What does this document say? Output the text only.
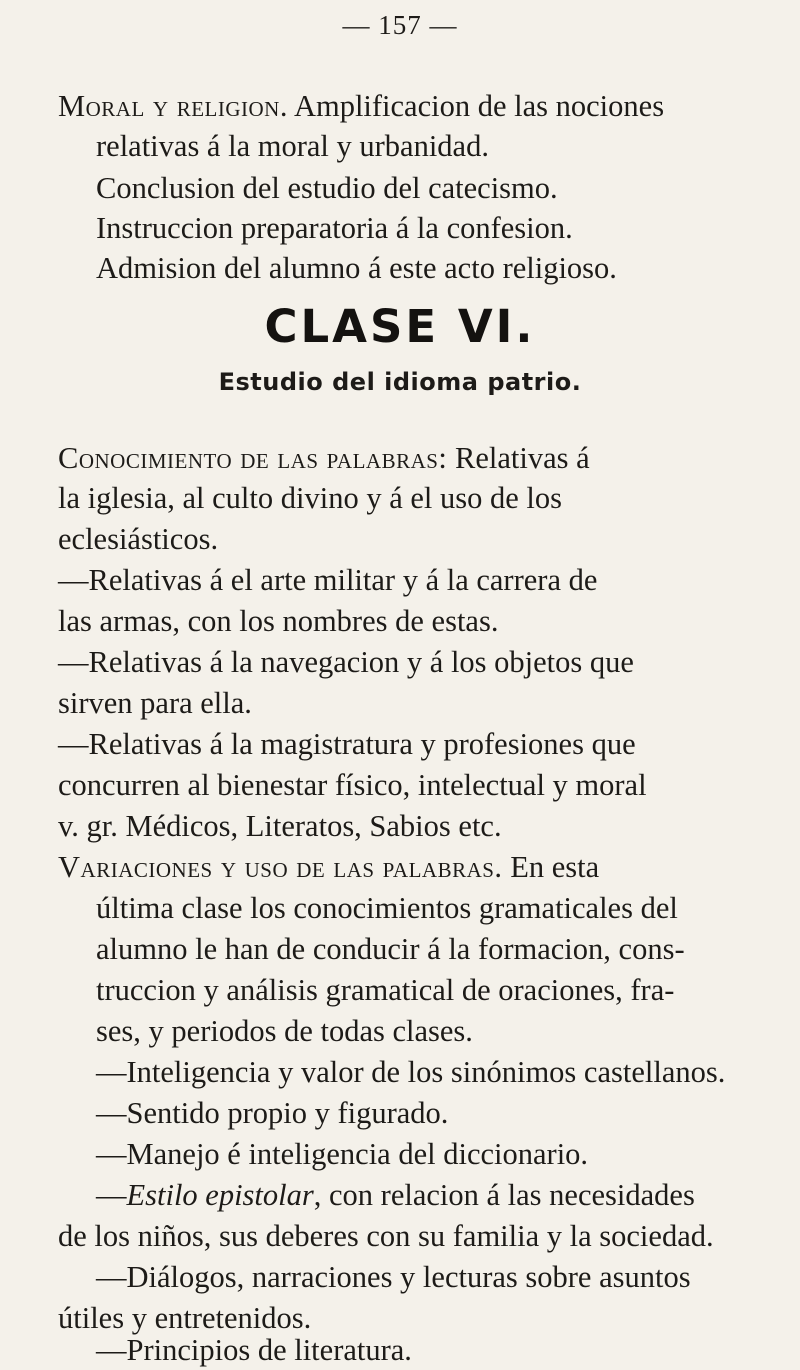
— 157 —
Moral y religion. Amplificacion de las nociones
relativas á la moral y urbanidad.
Conclusion del estudio del catecismo.
Instruccion preparatoria á la confesion.
Admision del alumno á este acto religioso.
CLASE VI.
Estudio del idioma patrio.
Conocimiento de las palabras: Relativas á
la iglesia, al culto divino y á el uso de los
eclesiásticos.
—Relativas á el arte militar y á la carrera de
las armas, con los nombres de estas.
—Relativas á la navegacion y á los objetos que
sirven para ella.
—Relativas á la magistratura y profesiones que
concurren al bienestar físico, intelectual y moral
v. gr. Médicos, Literatos, Sabios etc.
Variaciones y uso de las palabras. En esta
última clase los conocimientos gramaticales del
alumno le han de conducir á la formacion, cons-
truccion y análisis gramatical de oraciones, fra-
ses, y periodos de todas clases.
—Inteligencia y valor de los sinónimos castellanos.
—Sentido propio y figurado.
—Manejo é inteligencia del diccionario.
—Estilo epistolar, con relacion á las necesidades
de los niños, sus deberes con su familia y la sociedad.
—Diálogos, narraciones y lecturas sobre asuntos
útiles y entretenidos.
—Principios de literatura.
